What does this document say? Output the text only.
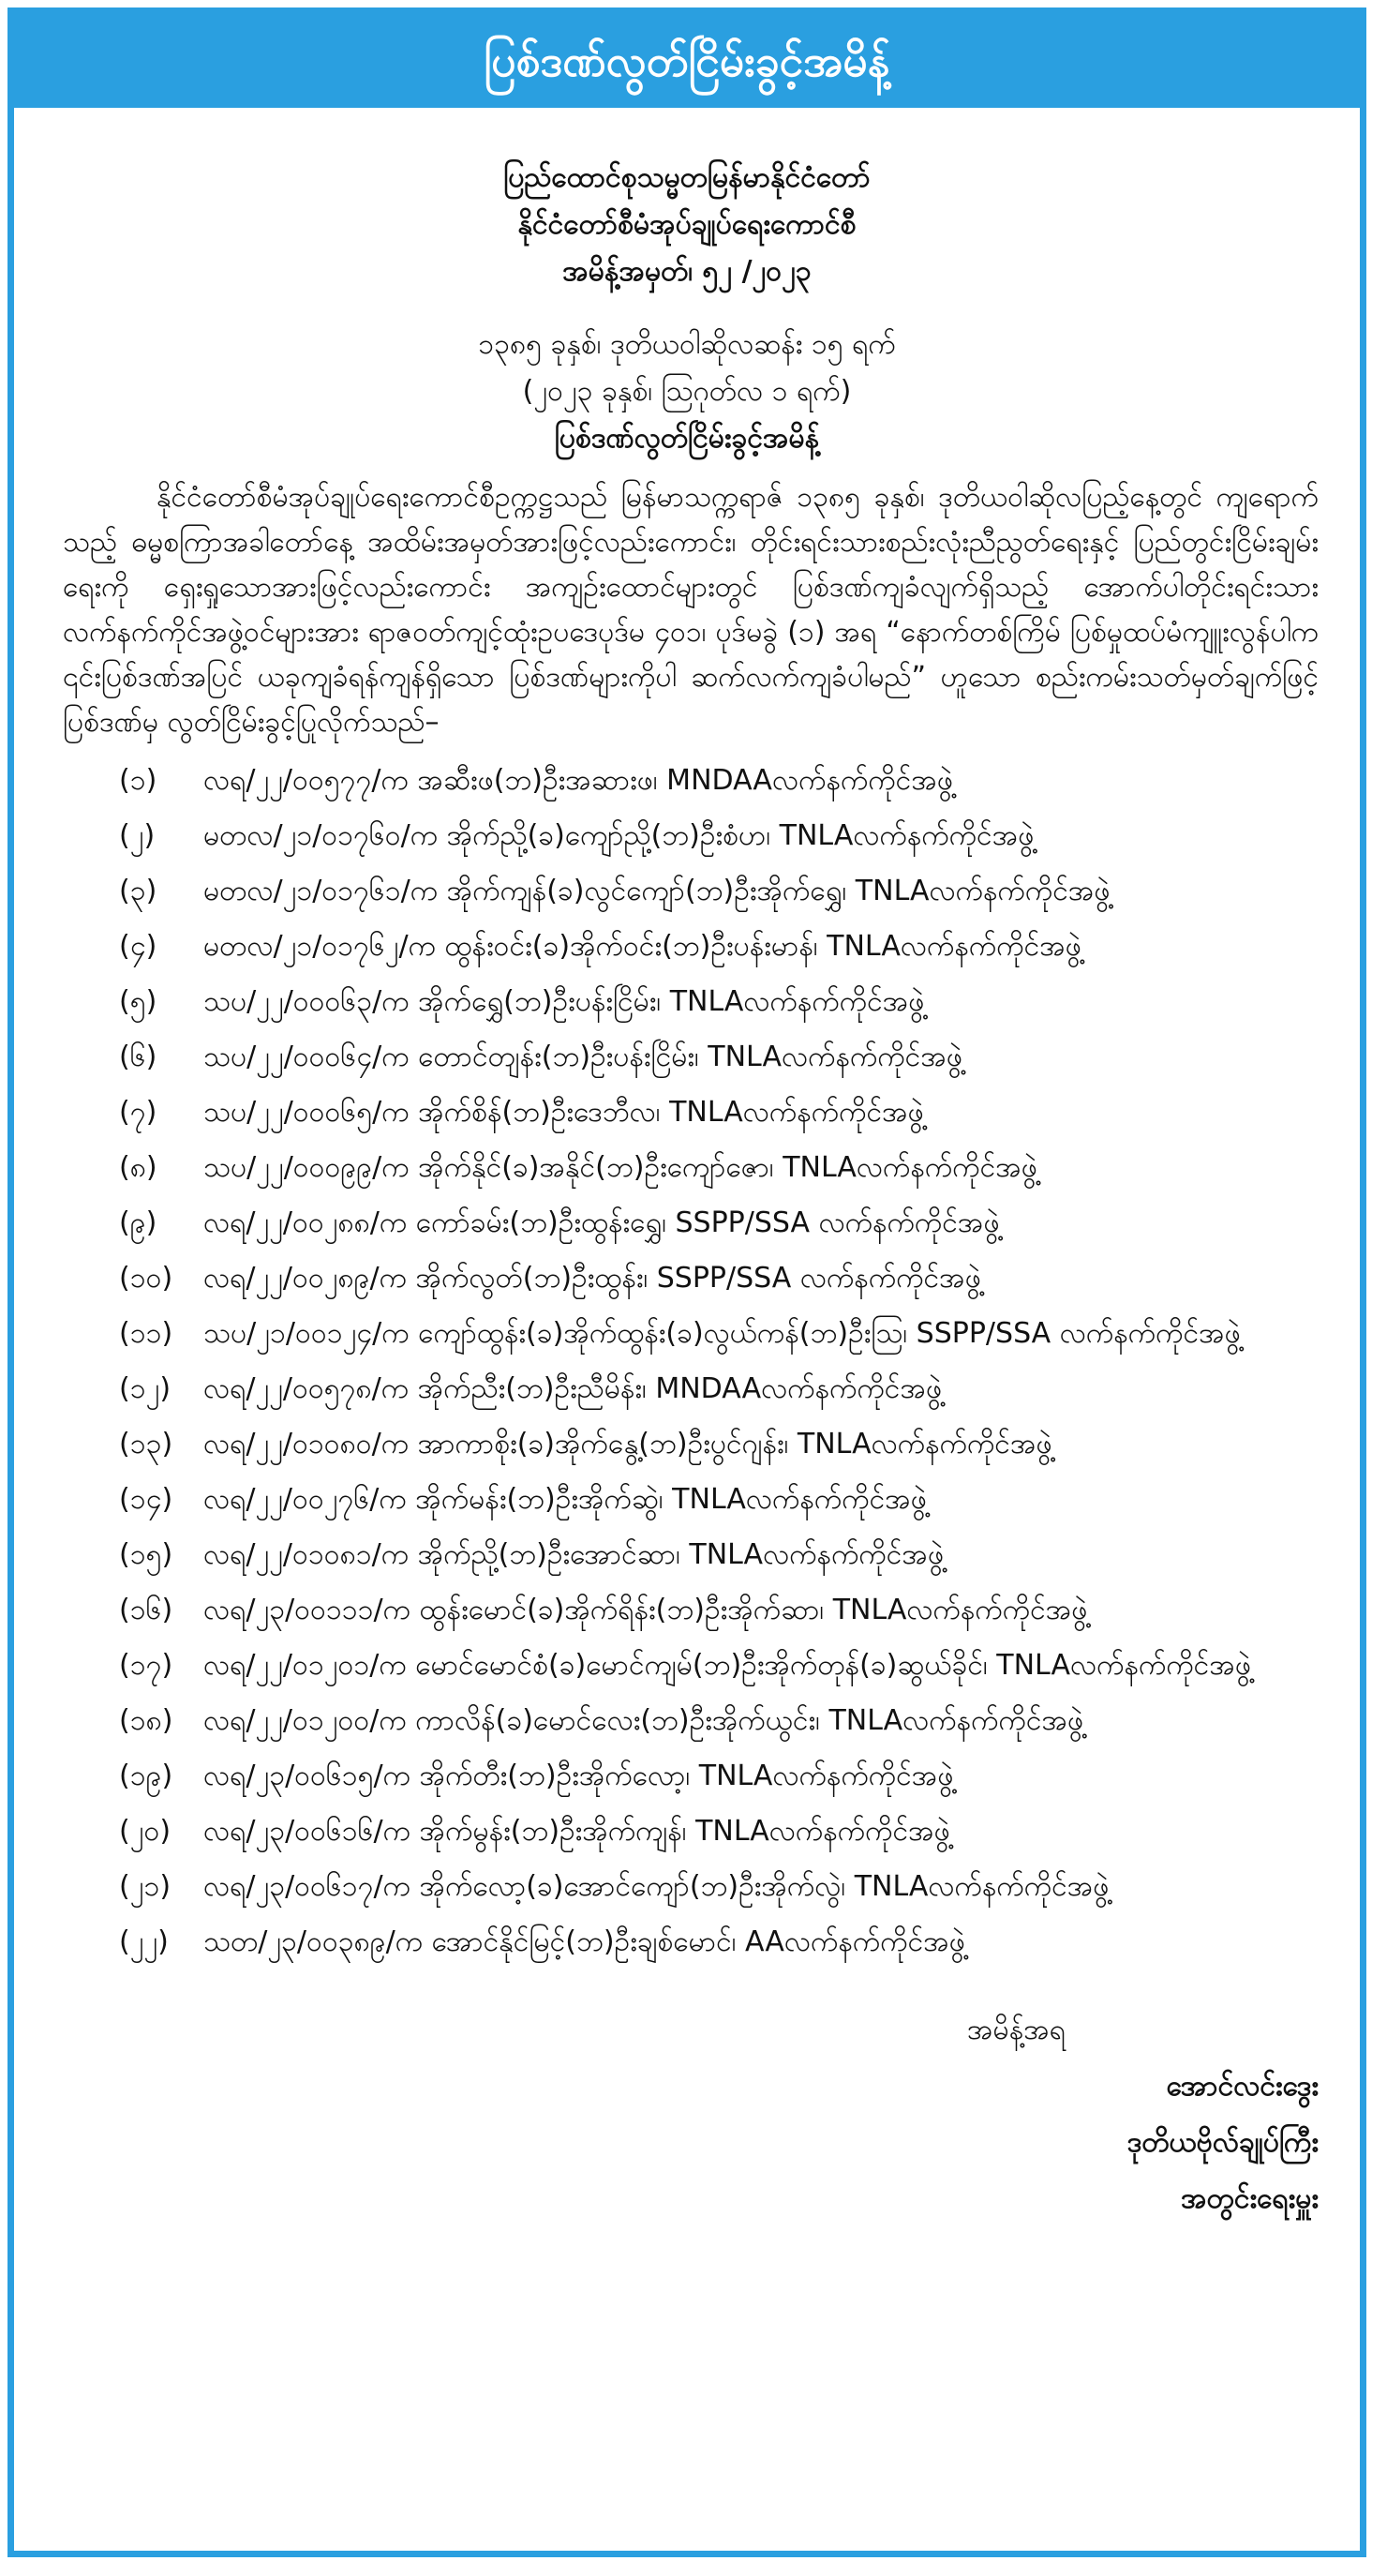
ပြစ်ဒဏ်လွတ်ငြိမ်းခွင့်အမိန့်
ပြည်ထောင်စုသမ္မတမြန်မာနိုင်ငံတော်
နိုင်ငံတော်စီမံအုပ်ချုပ်ရေးကောင်စီ
အမိန့်အမှတ်၊ ၅၂ /၂၀၂၃
၁၃၈၅ ခုနှစ်၊ ဒုတိယဝါဆိုလဆန်း ၁၅ ရက်
(၂၀၂၃ ခုနှစ်၊ ဩဂုတ်လ ၁ ရက်)
ပြစ်ဒဏ်လွတ်ငြိမ်းခွင့်အမိန့်

နိုင်ငံတော်စီမံအုပ်ချုပ်ရေးကောင်စီဥက္ကဋ္ဌသည် မြန်မာသက္ကရာဇ် ၁၃၈၅ ခုနှစ်၊ ဒုတိယဝါဆိုလပြည့်နေ့တွင် ကျရောက်သည့် ဓမ္မစကြာအခါတော်နေ့ အထိမ်းအမှတ်အားဖြင့်လည်းကောင်း၊ တိုင်းရင်းသားစည်းလုံးညီညွတ်ရေးနှင့် ပြည်တွင်းငြိမ်းချမ်းရေးကို ရှေးရှုသောအားဖြင့်လည်းကောင်း အကျဉ်းထောင်များတွင် ပြစ်ဒဏ်ကျခံလျက်ရှိသည့် အောက်ပါတိုင်းရင်းသားလက်နက်ကိုင်အဖွဲ့ဝင်များအား ရာဇဝတ်ကျင့်ထုံးဥပဒေပုဒ်မ ၄၀၁၊ ပုဒ်မခွဲ (၁) အရ “နောက်တစ်ကြိမ် ပြစ်မှုထပ်မံကျူးလွန်ပါက ၎င်းပြစ်ဒဏ်အပြင် ယခုကျခံရန်ကျန်ရှိသော ပြစ်ဒဏ်များကိုပါ ဆက်လက်ကျခံပါမည်” ဟူသော စည်းကမ်းသတ်မှတ်ချက်ဖြင့် ပြစ်ဒဏ်မှ လွတ်ငြိမ်းခွင့်ပြုလိုက်သည်–

(၁)	လရ/၂၂/၀၀၅၇၇/က အဆီးဖ(ဘ)ဦးအဆားဖ၊ MNDAAလက်နက်ကိုင်အဖွဲ့
(၂)	မတလ/၂၁/၀၁၇၆၀/က အိုက်ညို့(ခ)ကျော်ညို့(ဘ)ဦးစံဟ၊ TNLAလက်နက်ကိုင်အဖွဲ့
(၃)	မတလ/၂၁/၀၁၇၆၁/က အိုက်ကျန်(ခ)လွင်ကျော်(ဘ)ဦးအိုက်ရွှေ၊ TNLAလက်နက်ကိုင်အဖွဲ့
(၄)	မတလ/၂၁/၀၁၇၆၂/က ထွန်းဝင်း(ခ)အိုက်ဝင်း(ဘ)ဦးပန်းမာန်၊ TNLAလက်နက်ကိုင်အဖွဲ့
(၅)	သပ/၂၂/၀၀၀၆၃/က အိုက်ရွှေ(ဘ)ဦးပန်းငြိမ်း၊ TNLAလက်နက်ကိုင်အဖွဲ့
(၆)	သပ/၂၂/၀၀၀၆၄/က တောင်တျန်း(ဘ)ဦးပန်းငြိမ်း၊ TNLAလက်နက်ကိုင်အဖွဲ့
(၇)	သပ/၂၂/၀၀၀၆၅/က အိုက်စိန်(ဘ)ဦးဒေဘီလ၊ TNLAလက်နက်ကိုင်အဖွဲ့
(၈)	သပ/၂၂/၀၀၀၉၉/က အိုက်နိုင်(ခ)အနိုင်(ဘ)ဦးကျော်ဇော၊ TNLAလက်နက်ကိုင်အဖွဲ့
(၉)	လရ/၂၂/၀၀၂၈၈/က ကော်ခမ်း(ဘ)ဦးထွန်းရွှေ၊ SSPP/SSA လက်နက်ကိုင်အဖွဲ့
(၁၀)	လရ/၂၂/၀၀၂၈၉/က အိုက်လွတ်(ဘ)ဦးထွန်း၊ SSPP/SSA လက်နက်ကိုင်အဖွဲ့
(၁၁)	သပ/၂၁/၀၀၁၂၄/က ကျော်ထွန်း(ခ)အိုက်ထွန်း(ခ)လွယ်ကန်(ဘ)ဦးဩ၊ SSPP/SSA လက်နက်ကိုင်အဖွဲ့
(၁၂)	လရ/၂၂/၀၀၅၇၈/က အိုက်ညီး(ဘ)ဦးညီမိန်း၊ MNDAAလက်နက်ကိုင်အဖွဲ့
(၁၃)	လရ/၂၂/၀၁၀၈၀/က အာကာစိုး(ခ)အိုက်နွေ့(ဘ)ဦးပွင်ဂျန်း၊ TNLAလက်နက်ကိုင်အဖွဲ့
(၁၄)	လရ/၂၂/၀၀၂၇၆/က အိုက်မန်း(ဘ)ဦးအိုက်ဆွဲ၊ TNLAလက်နက်ကိုင်အဖွဲ့
(၁၅)	လရ/၂၂/၀၁၀၈၁/က အိုက်ညို့(ဘ)ဦးအောင်ဆာ၊ TNLAလက်နက်ကိုင်အဖွဲ့
(၁၆)	လရ/၂၃/၀၀၁၁၁/က ထွန်းမောင်(ခ)အိုက်ရိန်း(ဘ)ဦးအိုက်ဆာ၊ TNLAလက်နက်ကိုင်အဖွဲ့
(၁၇)	လရ/၂၂/၀၁၂၀၁/က မောင်မောင်စံ(ခ)မောင်ကျမ်(ဘ)ဦးအိုက်တုန်(ခ)ဆွယ်ခိုင်၊ TNLAလက်နက်ကိုင်အဖွဲ့
(၁၈)	လရ/၂၂/၀၁၂၀၀/က ကာလိန်(ခ)မောင်လေး(ဘ)ဦးအိုက်ယွင်း၊ TNLAလက်နက်ကိုင်အဖွဲ့
(၁၉)	လရ/၂၃/၀၀၆၁၅/က အိုက်တီး(ဘ)ဦးအိုက်လော့၊ TNLAလက်နက်ကိုင်အဖွဲ့
(၂၀)	လရ/၂၃/၀၀၆၁၆/က အိုက်မွန်း(ဘ)ဦးအိုက်ကျန်၊ TNLAလက်နက်ကိုင်အဖွဲ့
(၂၁)	လရ/၂၃/၀၀၆၁၇/က အိုက်လော့(ခ)အောင်ကျော်(ဘ)ဦးအိုက်လွဲ၊ TNLAလက်နက်ကိုင်အဖွဲ့
(၂၂)	သတ/၂၃/၀၀၃၈၉/က အောင်နိုင်မြင့်(ဘ)ဦးချစ်မောင်၊ AAလက်နက်ကိုင်အဖွဲ့
အမိန့်အရ
အောင်လင်းဒွေး
ဒုတိယဗိုလ်ချုပ်ကြီး
အတွင်းရေးမှူး
